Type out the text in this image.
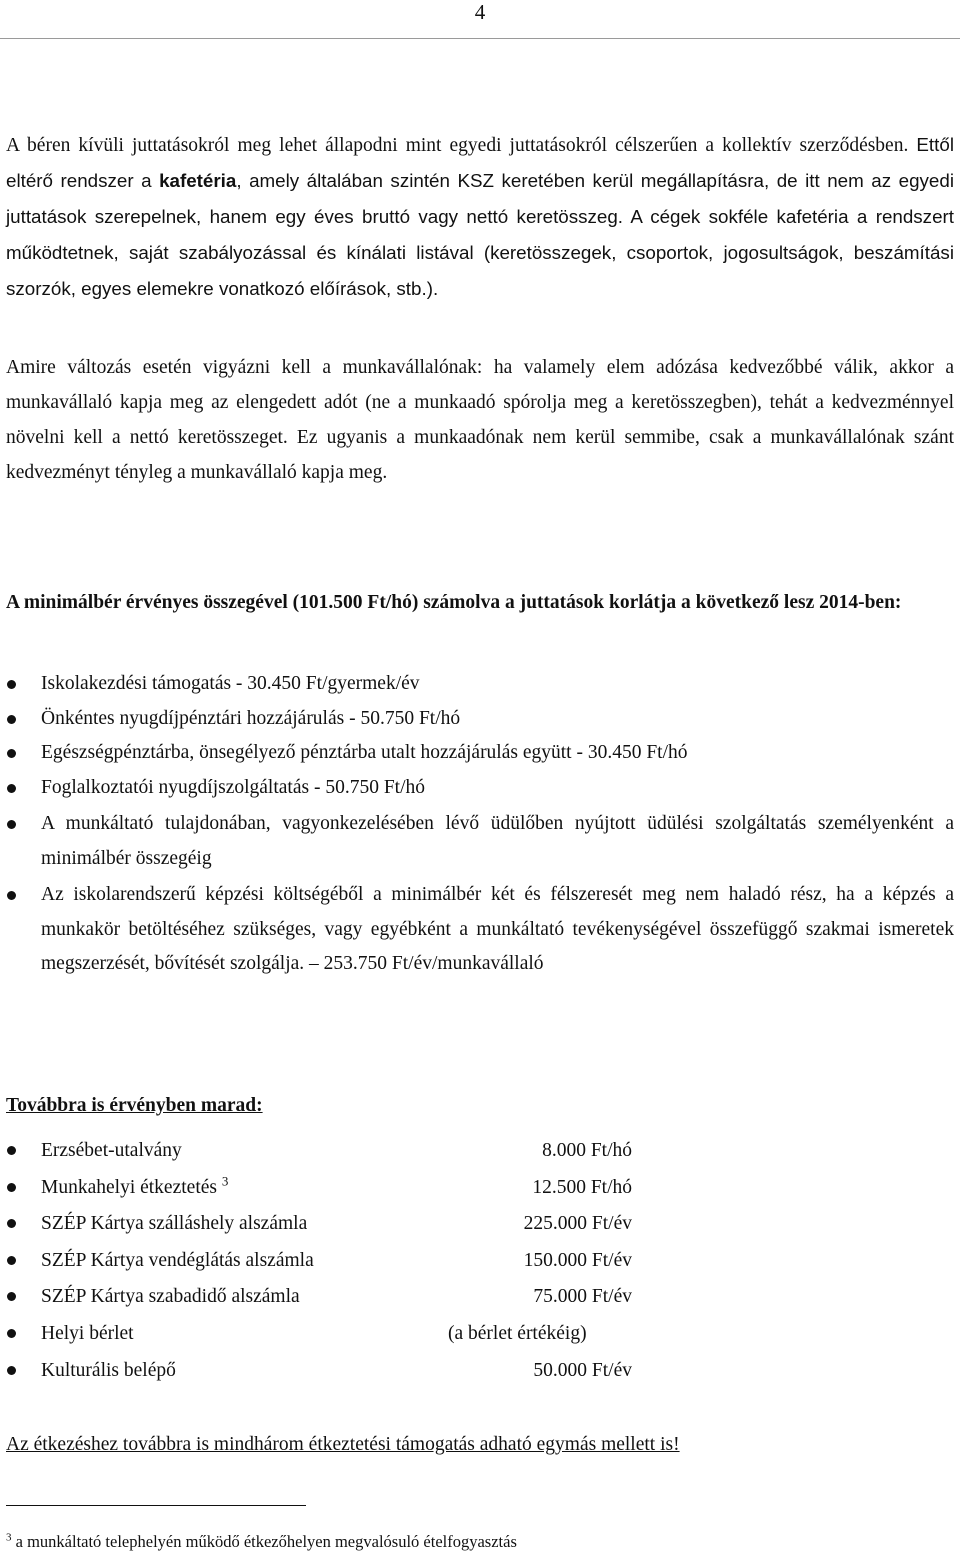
4

A béren kívüli juttatásokról meg lehet állapodni mint egyedi juttatásokról célszerűen a kollektív szerződésben. Ettől eltérő rendszer a kafetéria, amely általában szintén KSZ keretében kerül megállapításra, de itt nem az egyedi juttatások szerepelnek, hanem egy éves bruttó vagy nettó keretösszeg. A cégek sokféle kafetéria a rendszert működtetnek, saját szabályozással és kínálati listával (keretösszegek, csoportok, jogosultságok, beszámítási szorzók, egyes elemekre vonatkozó előírások, stb.).

Amire változás esetén vigyázni kell a munkavállalónak: ha valamely elem adózása kedvezőbbé válik, akkor a munkavállaló kapja meg az elengedett adót (ne a munkaadó spórolja meg a keretösszegben), tehát a kedvezménnyel növelni kell a nettó keretösszeget. Ez ugyanis a munkaadónak nem kerül semmibe, csak a munkavállalónak szánt kedvezményt tényleg a munkavállaló kapja meg.

A minimálbér érvényes összegével (101.500 Ft/hó) számolva a juttatások korlátja a következő lesz 2014-ben:

Iskolakezdési támogatás - 30.450 Ft/gyermek/év
Önkéntes nyugdíjpénztári hozzájárulás - 50.750 Ft/hó
Egészségpénztárba, önsegélyező pénztárba utalt hozzájárulás együtt - 30.450 Ft/hó
Foglalkoztatói nyugdíjszolgáltatás - 50.750 Ft/hó
A munkáltató tulajdonában, vagyonkezelésében lévő üdülőben nyújtott üdülési szolgáltatás személyenként a minimálbér összegéig
Az iskolarendszerű képzési költségéből a minimálbér két és félszeresét meg nem haladó rész, ha a képzés a munkakör betöltéséhez szükséges, vagy egyébként a munkáltató tevékenységével összefüggő szakmai ismeretek megszerzését, bővítését szolgálja. – 253.750 Ft/év/munkavállaló

Továbbra is érvényben marad:

Erzsébet-utalvány	8.000 Ft/hó
Munkahelyi étkeztetés $^3$	12.500 Ft/hó
SZÉP Kártya szálláshely alszámla	225.000 Ft/év
SZÉP Kártya vendéglátás alszámla	150.000 Ft/év
SZÉP Kártya szabadidő alszámla	75.000 Ft/év
Helyi bérlet	(a bérlet értékéig)
Kulturális belépő	50.000 Ft/év

Az étkezéshez továbbra is mindhárom étkeztetési támogatás adható egymás mellett is!

$^3$ a munkáltató telephelyén működő étkezőhelyen megvalósuló ételfogyasztás
